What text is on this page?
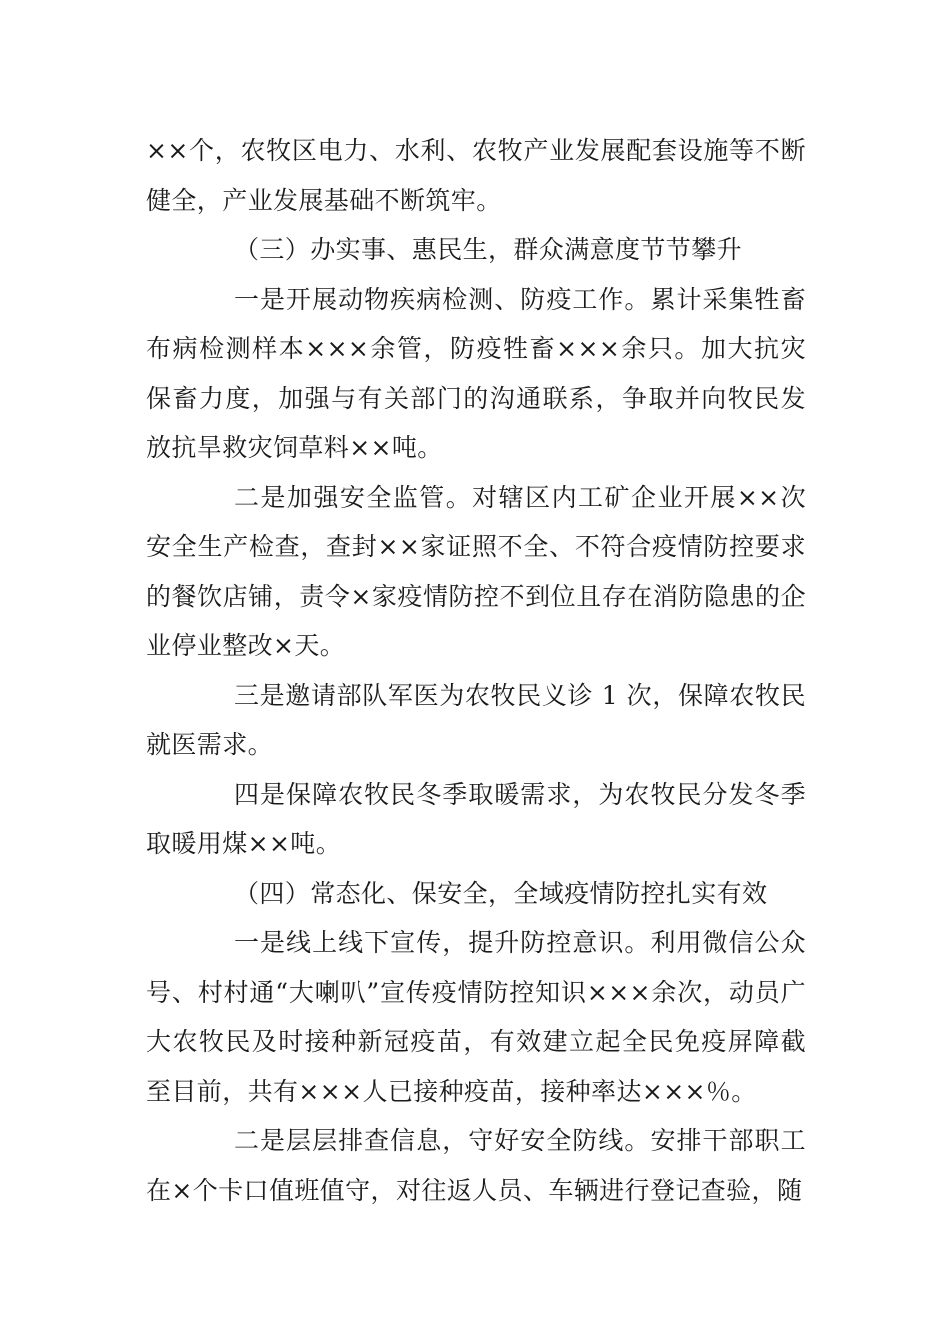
××个，农牧区电力、水利、农牧产业发展配套设施等不断健全，产业发展基础不断筑牢。

（三）办实事、惠民生，群众满意度节节攀升

一是开展动物疾病检测、防疫工作。累计采集牲畜布病检测样本×××余管，防疫牲畜×××余只。加大抗灾保畜力度，加强与有关部门的沟通联系，争取并向牧民发放抗旱救灾饲草料××吨。

二是加强安全监管。对辖区内工矿企业开展××次安全生产检查，查封××家证照不全、不符合疫情防控要求的餐饮店铺，责令×家疫情防控不到位且存在消防隐患的企业停业整改×天。

三是邀请部队军医为农牧民义诊 1 次，保障农牧民就医需求。

四是保障农牧民冬季取暖需求，为农牧民分发冬季取暖用煤××吨。

（四）常态化、保安全，全域疫情防控扎实有效

一是线上线下宣传，提升防控意识。利用微信公众号、村村通“大喇叭”宣传疫情防控知识×××余次，动员广大农牧民及时接种新冠疫苗，有效建立起全民免疫屏障截至目前，共有×××人已接种疫苗，接种率达×××％。

二是层层排查信息，守好安全防线。安排干部职工在×个卡口值班值守，对往返人员、车辆进行登记查验，随
